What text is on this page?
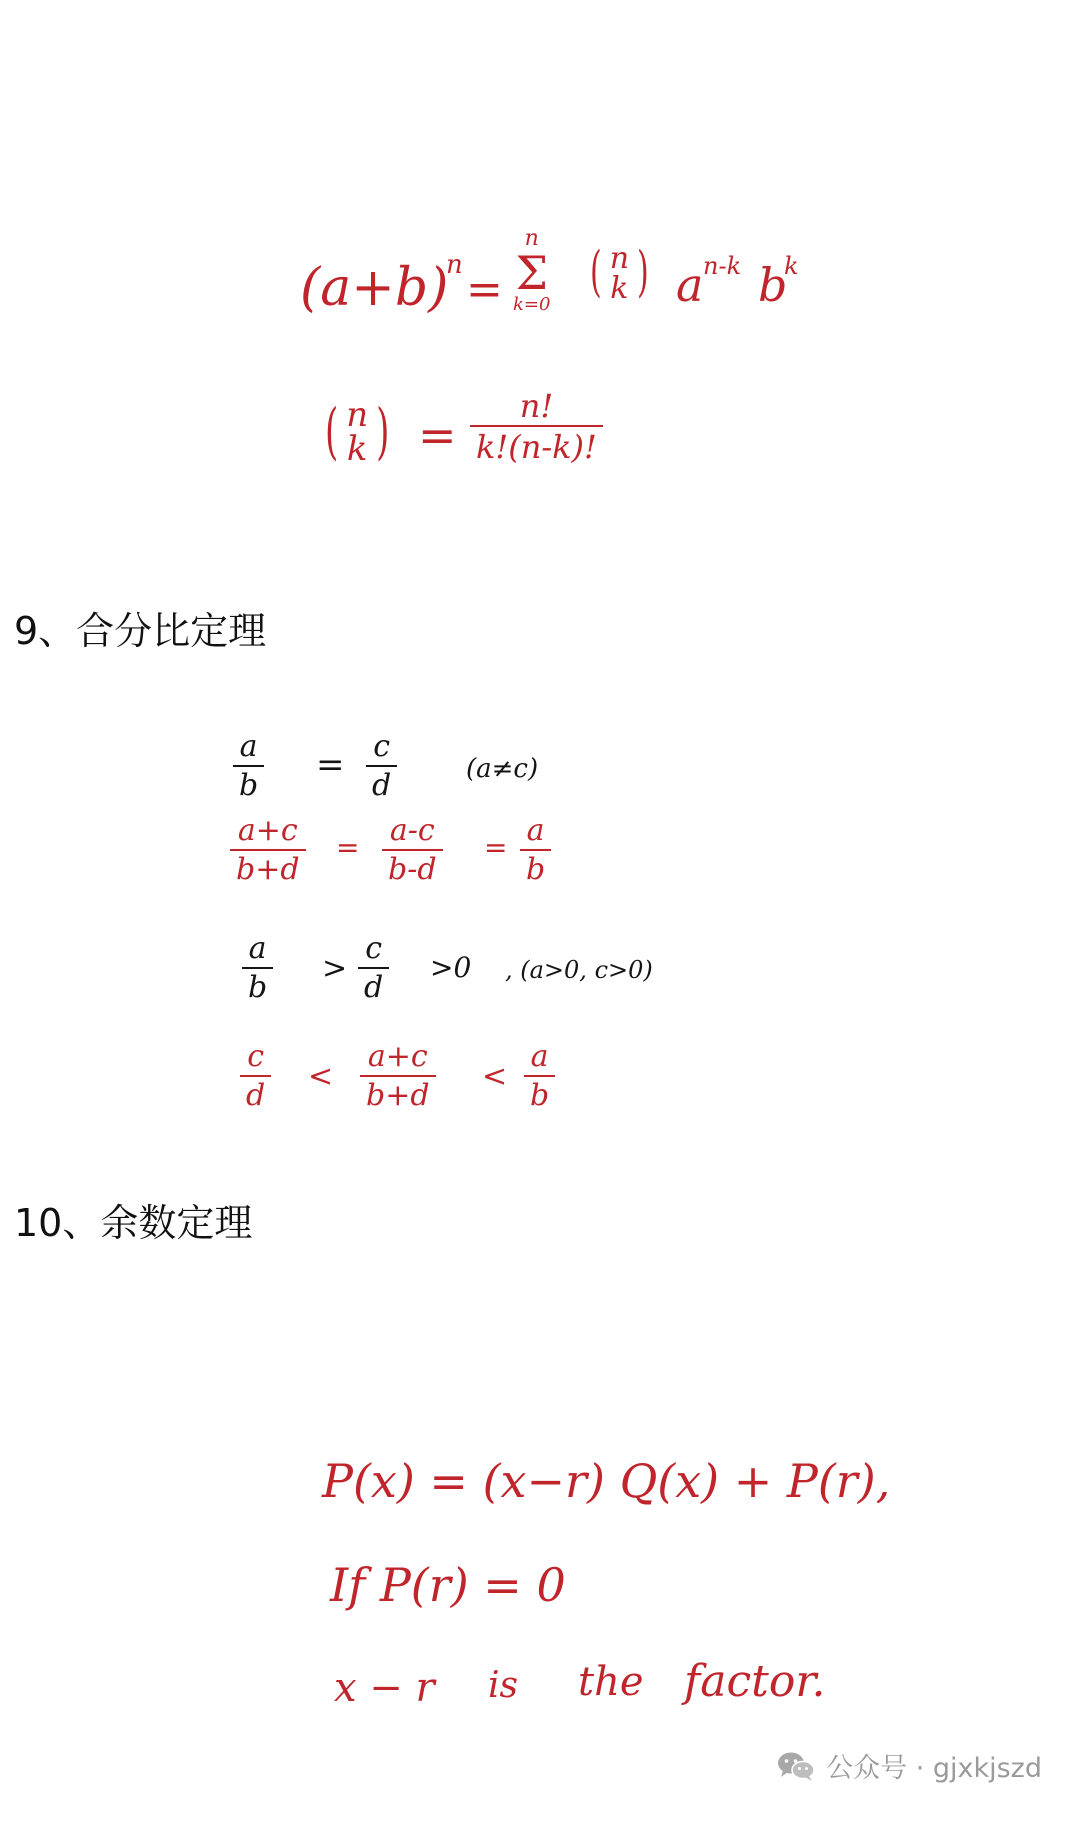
(a+b)
n =
n
Σ
k=0 ( n
k ) a n-k b
k
( n
k ) =
n!
k!(n-k)!
9、合分比定理
a
b
= c
d	(a≠c)
a+c
b+d
= a-c
b-d
= a
b
a
b
>
c
d
>0 , (a>0, c>0)
c
d
<
a+c
b+d
<
a
b
10、余数定理
P(x) = (x−r) Q(x) + P(r),
If P(r) = 0
x − r is the factor.
公众号 · gjxkjszd
